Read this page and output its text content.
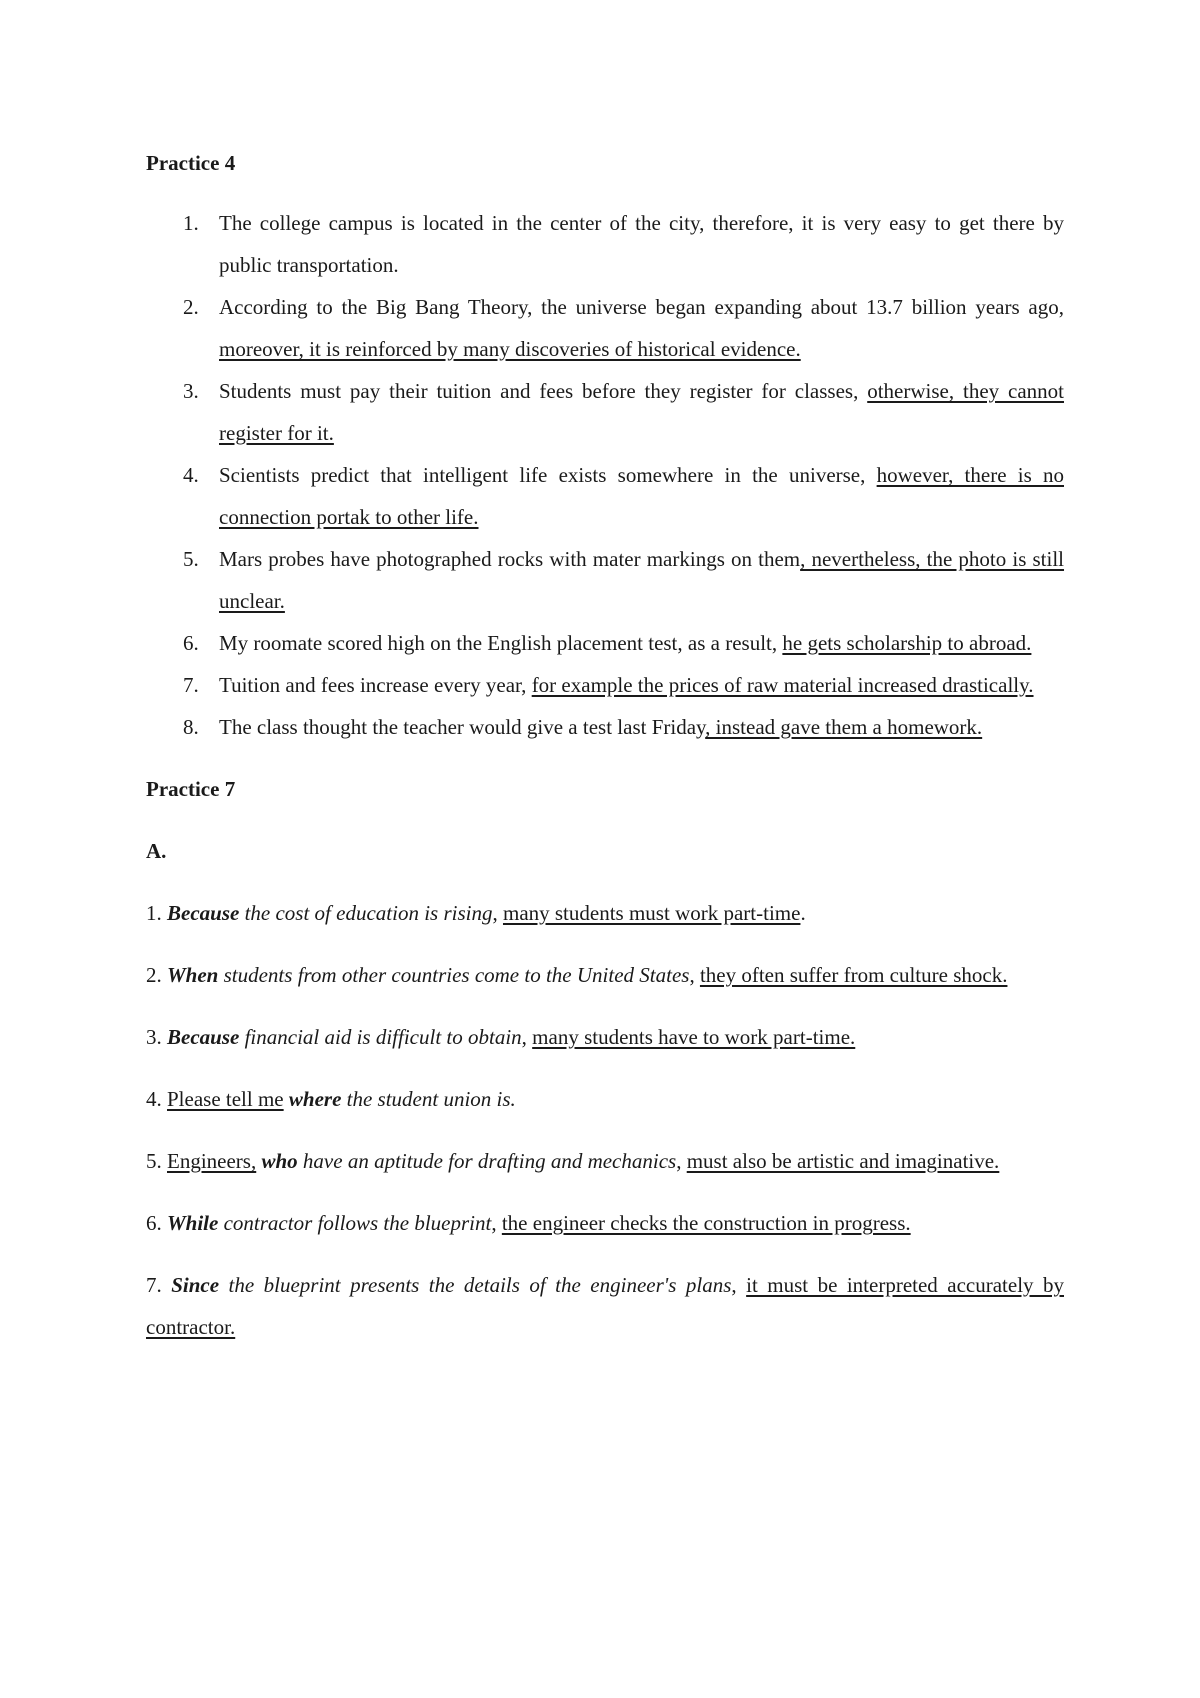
Practice 4

1. The college campus is located in the center of the city, therefore, it is very easy to get there by public transportation.
2. According to the Big Bang Theory, the universe began expanding about 13.7 billion years ago, moreover, it is reinforced by many discoveries of historical evidence.
3. Students must pay their tuition and fees before they register for classes, otherwise, they cannot register for it.
4. Scientists predict that intelligent life exists somewhere in the universe, however, there is no connection portak to other life.
5. Mars probes have photographed rocks with mater markings on them, nevertheless, the photo is still unclear.
6. My roomate scored high on the English placement test, as a result, he gets scholarship to abroad.
7. Tuition and fees increase every year, for example the prices of raw material increased drastically.
8. The class thought the teacher would give a test last Friday, instead gave them a homework.

Practice 7

A.

1. Because the cost of education is rising, many students must work part-time.

2. When students from other countries come to the United States, they often suffer from culture shock.

3. Because financial aid is difficult to obtain, many students have to work part-time.

4. Please tell me where the student union is.

5. Engineers, who have an aptitude for drafting and mechanics, must also be artistic and imaginative.

6. While contractor follows the blueprint, the engineer checks the construction in progress.

7. Since the blueprint presents the details of the engineer's plans, it must be interpreted accurately by contractor.
